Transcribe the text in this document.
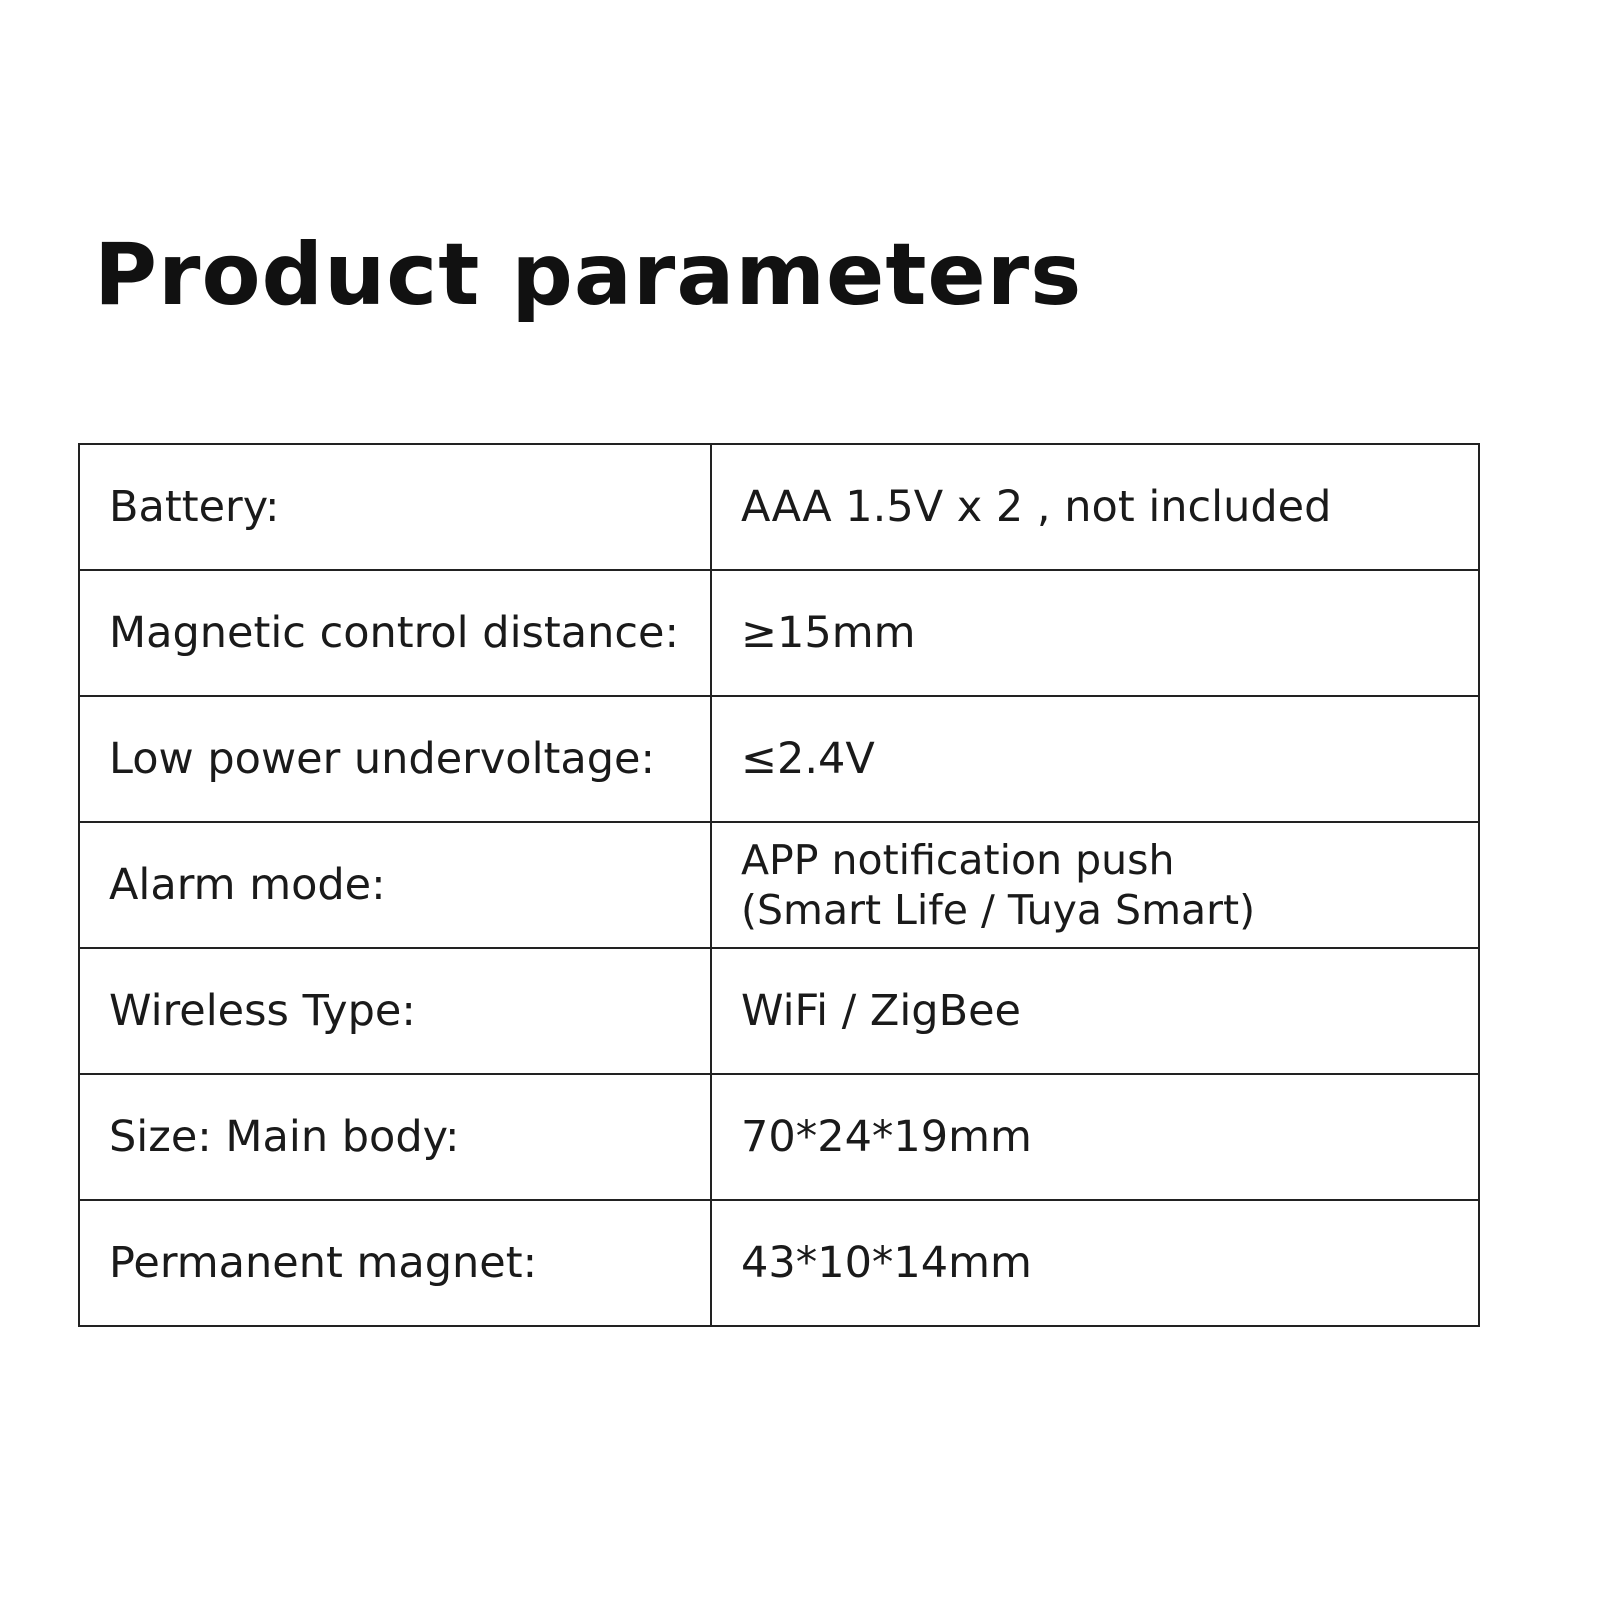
Product parameters
Battery:	AAA 1.5V x 2 , not included
Magnetic control distance:	≥15mm
Low power undervoltage:	≤2.4V
Alarm mode:	APP notification push
(Smart Life / Tuya Smart)

Wireless Type:	WiFi / ZigBee
Size: Main body:	70*24*19mm
Permanent magnet:	43*10*14mm
